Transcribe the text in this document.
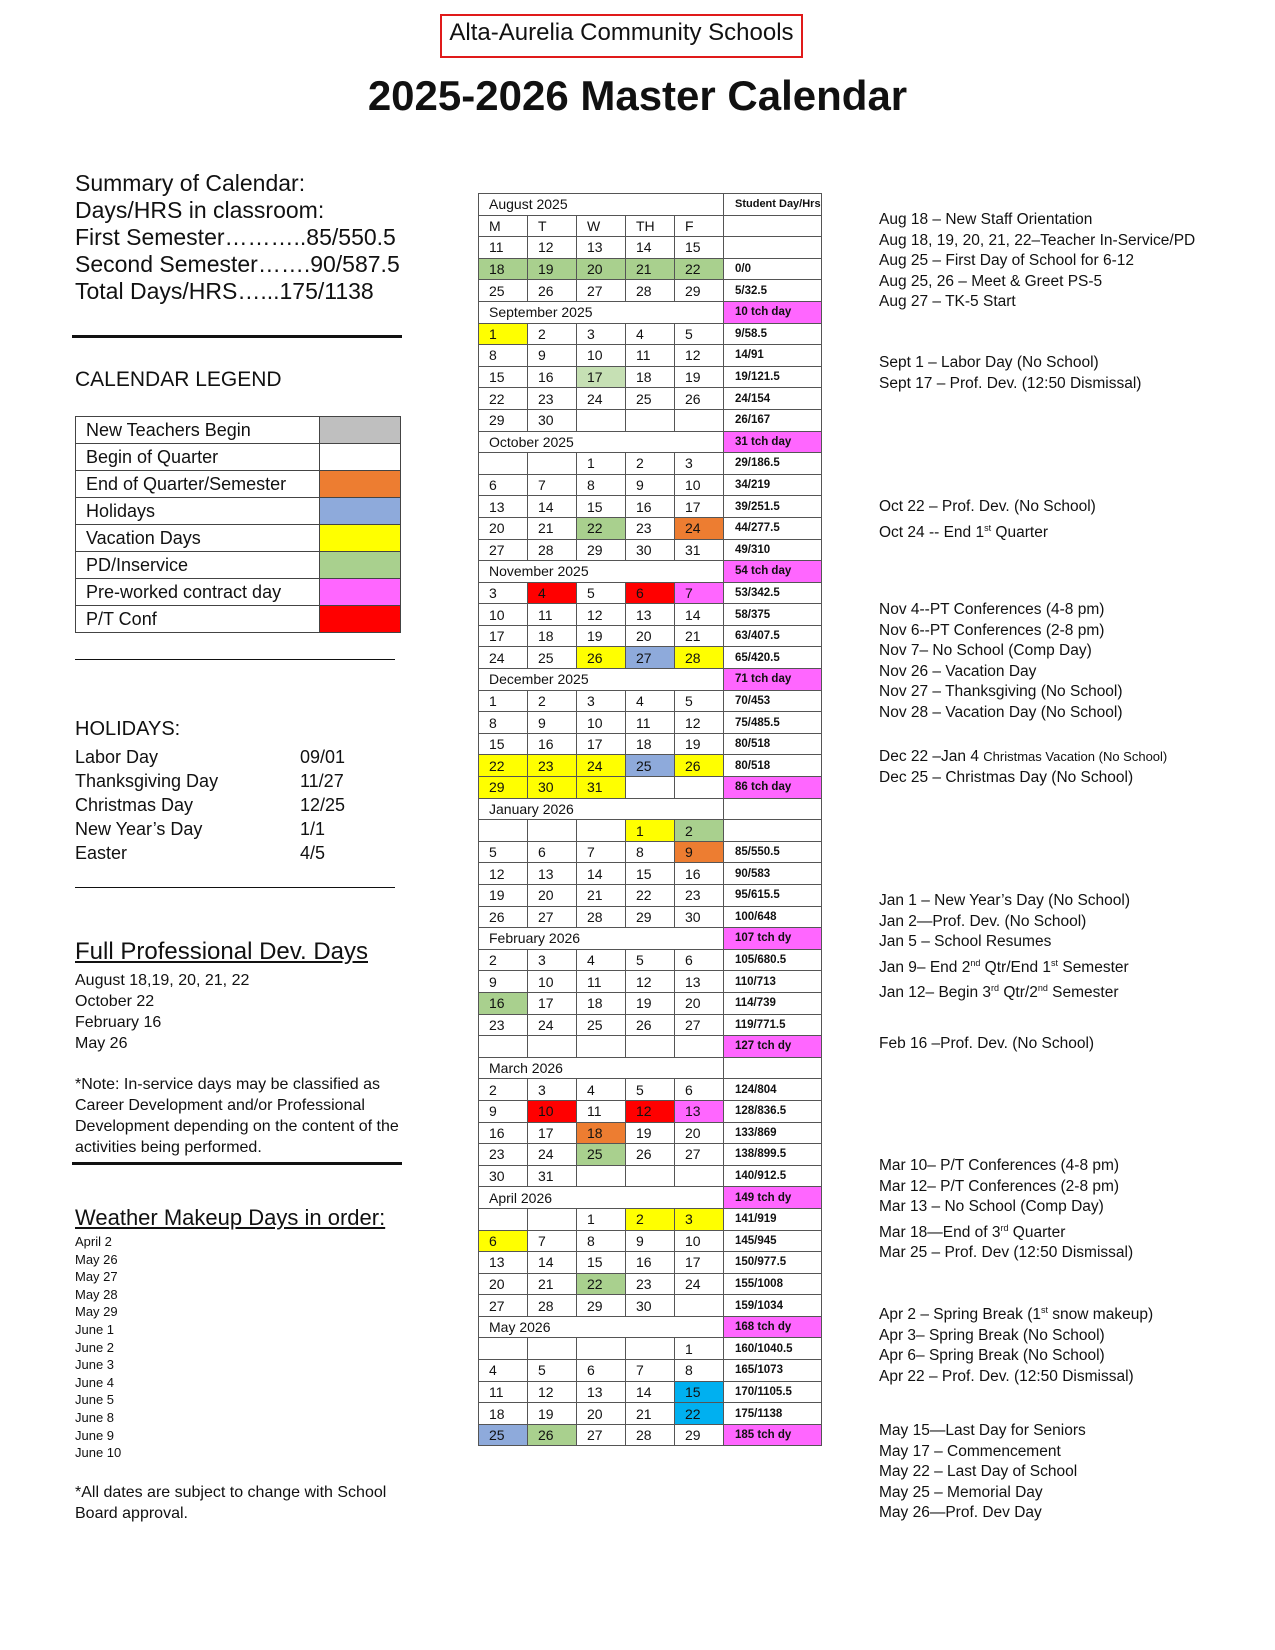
Alta-Aurelia Community Schools
2025-2026 Master Calendar
Summary of Calendar:
Days/HRS in classroom:
First Semester………..85/550.5
Second Semester…….90/587.5
Total Days/HRS…...175/1138
CALENDAR LEGEND
New Teachers Begin	
Begin of Quarter	
End of Quarter/Semester	
Holidays	
Vacation Days	
PD/Inservice	
Pre-worked contract day	
P/T Conf	
HOLIDAYS:
Labor Day	09/01
Thanksgiving Day	11/27
Christmas Day	12/25
New Year’s Day	1/1
Easter	4/5
Full Professional Dev. Days
August 18,19, 20, 21, 22
October 22
February 16
May 26
*Note: In-service days may be classified as Career Development and/or Professional Development depending on the content of the activities being performed.
Weather Makeup Days in order:
April 2
May 26
May 27
May 28
May 29
June 1
June 2
June 3
June 4
June 5
June 8
June 9
June 10
*All dates are subject to change with School Board approval.
August 2025					Student Day/Hrs
M	T	W	TH	F	
11	12	13	14	15	
18	19	20	21	22	0/0
25	26	27	28	29	5/32.5
September 2025					10 tch day
1	2	3	4	5	9/58.5
8	9	10	11	12	14/91
15	16	17	18	19	19/121.5
22	23	24	25	26	24/154
29	30				26/167
October 2025					31 tch day
		1	2	3	29/186.5
6	7	8	9	10	34/219
13	14	15	16	17	39/251.5
20	21	22	23	24	44/277.5
27	28	29	30	31	49/310
November 2025					54 tch day
3	4	5	6	7	53/342.5
10	11	12	13	14	58/375
17	18	19	20	21	63/407.5
24	25	26	27	28	65/420.5
December 2025					71 tch day
1	2	3	4	5	70/453
8	9	10	11	12	75/485.5
15	16	17	18	19	80/518
22	23	24	25	26	80/518
29	30	31			86 tch day
January 2026					
			1	2	
5	6	7	8	9	85/550.5
12	13	14	15	16	90/583
19	20	21	22	23	95/615.5
26	27	28	29	30	100/648
February 2026					107 tch dy
2	3	4	5	6	105/680.5
9	10	11	12	13	110/713
16	17	18	19	20	114/739
23	24	25	26	27	119/771.5
					127 tch dy
March 2026					
2	3	4	5	6	124/804
9	10	11	12	13	128/836.5
16	17	18	19	20	133/869
23	24	25	26	27	138/899.5
30	31				140/912.5
April 2026					149 tch dy
		1	2	3	141/919
6	7	8	9	10	145/945
13	14	15	16	17	150/977.5
20	21	22	23	24	155/1008
27	28	29	30		159/1034
May 2026					168 tch dy
				1	160/1040.5
4	5	6	7	8	165/1073
11	12	13	14	15	170/1105.5
18	19	20	21	22	175/1138
25	26	27	28	29	185 tch dy
Aug 18 – New Staff Orientation
Aug 18, 19, 20, 21, 22–Teacher In-Service/PD
Aug 25 – First Day of School for 6-12
Aug 25, 26 – Meet & Greet PS-5
Aug 27 – TK-5 Start
Sept 1 – Labor Day (No School)
Sept 17 – Prof. Dev. (12:50 Dismissal)
Oct 22 – Prof. Dev. (No School)
Oct 24 -- End 1st Quarter
Nov 4--PT Conferences (4-8 pm)
Nov 6--PT Conferences (2-8 pm)
Nov 7– No School (Comp Day)
Nov 26 – Vacation Day
Nov 27 – Thanksgiving (No School)
Nov 28 – Vacation Day (No School)
Dec 22 –Jan 4 Christmas Vacation (No School)
Dec 25 – Christmas Day (No School)
Jan 1 – New Year’s Day (No School)
Jan 2—Prof. Dev. (No School)
Jan 5 – School Resumes
Jan 9– End 2nd Qtr/End 1st Semester
Jan 12– Begin 3rd Qtr/2nd Semester
Feb 16 –Prof. Dev. (No School)
Mar 10– P/T Conferences (4-8 pm)
Mar 12– P/T Conferences (2-8 pm)
Mar 13 – No School (Comp Day)
Mar 18—End of 3rd Quarter
Mar 25 – Prof. Dev (12:50 Dismissal)
Apr 2 – Spring Break (1st snow makeup)
Apr 3– Spring Break (No School)
Apr 6– Spring Break (No School)
Apr 22 – Prof. Dev. (12:50 Dismissal)
May 15—Last Day for Seniors
May 17 – Commencement
May 22 – Last Day of School
May 25 – Memorial Day
May 26—Prof. Dev Day
